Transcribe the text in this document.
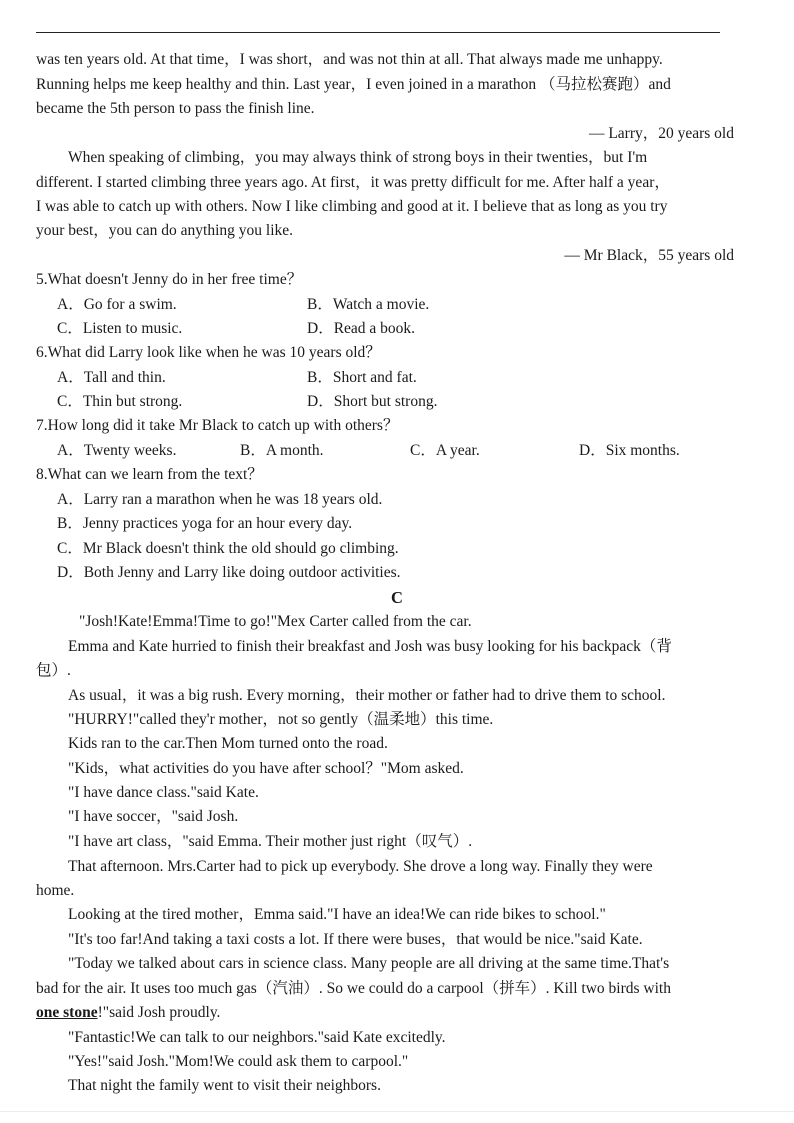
was ten years old. At that time，I was short，and was not thin at all. That always made me unhappy.
Running helps me keep healthy and thin. Last year，I even joined in a marathon （马拉松赛跑）and
became the 5th person to pass the finish line.
— Larry，20 years old
When speaking of climbing，you may always think of strong boys in their twenties，but I'm
different. I started climbing three years ago. At first，it was pretty difficult for me. After half a year，
I was able to catch up with others. Now I like climbing and good at it. I believe that as long as you try
your best，you can do anything you like.
— Mr Black，55 years old
5.What doesn't Jenny do in her free time？
A．Go for a swim.	B．Watch a movie.
C．Listen to music.	D．Read a book.
6.What did Larry look like when he was 10 years old？
A．Tall and thin.	B．Short and fat.
C．Thin but strong.	D．Short but strong.
7.How long did it take Mr Black to catch up with others？
A．Twenty weeks.	B．A month.	C．A year.	D．Six months.
8.What can we learn from the text？
A．Larry ran a marathon when he was 18 years old.
B．Jenny practices yoga for an hour every day.
C．Mr Black doesn't think the old should go climbing.
D．Both Jenny and Larry like doing outdoor activities.
C
"Josh!Kate!Emma!Time to go!"Mex Carter called from the car.
Emma and Kate hurried to finish their breakfast and Josh was busy looking for his backpack（背
包）.
As usual，it was a big rush. Every morning，their mother or father had to drive them to school.
"HURRY!"called they'r mother，not so gently（温柔地）this time.
Kids ran to the car.Then Mom turned onto the road.
"Kids，what activities do you have after school？"Mom asked.
"I have dance class."said Kate.
"I have soccer，"said Josh.
"I have art class，"said Emma. Their mother just right（叹气）.
That afternoon. Mrs.Carter had to pick up everybody. She drove a long way. Finally they were
home.
Looking at the tired mother，Emma said."I have an idea!We can ride bikes to school."
"It's too far!And taking a taxi costs a lot. If there were buses，that would be nice."said Kate.
"Today we talked about cars in science class. Many people are all driving at the same time.That's
bad for the air. It uses too much gas（汽油）. So we could do a carpool（拼车）. Kill two birds with
one stone!"said Josh proudly.
"Fantastic!We can talk to our neighbors."said Kate excitedly.
"Yes!"said Josh."Mom!We could ask them to carpool."
That night the family went to visit their neighbors.
